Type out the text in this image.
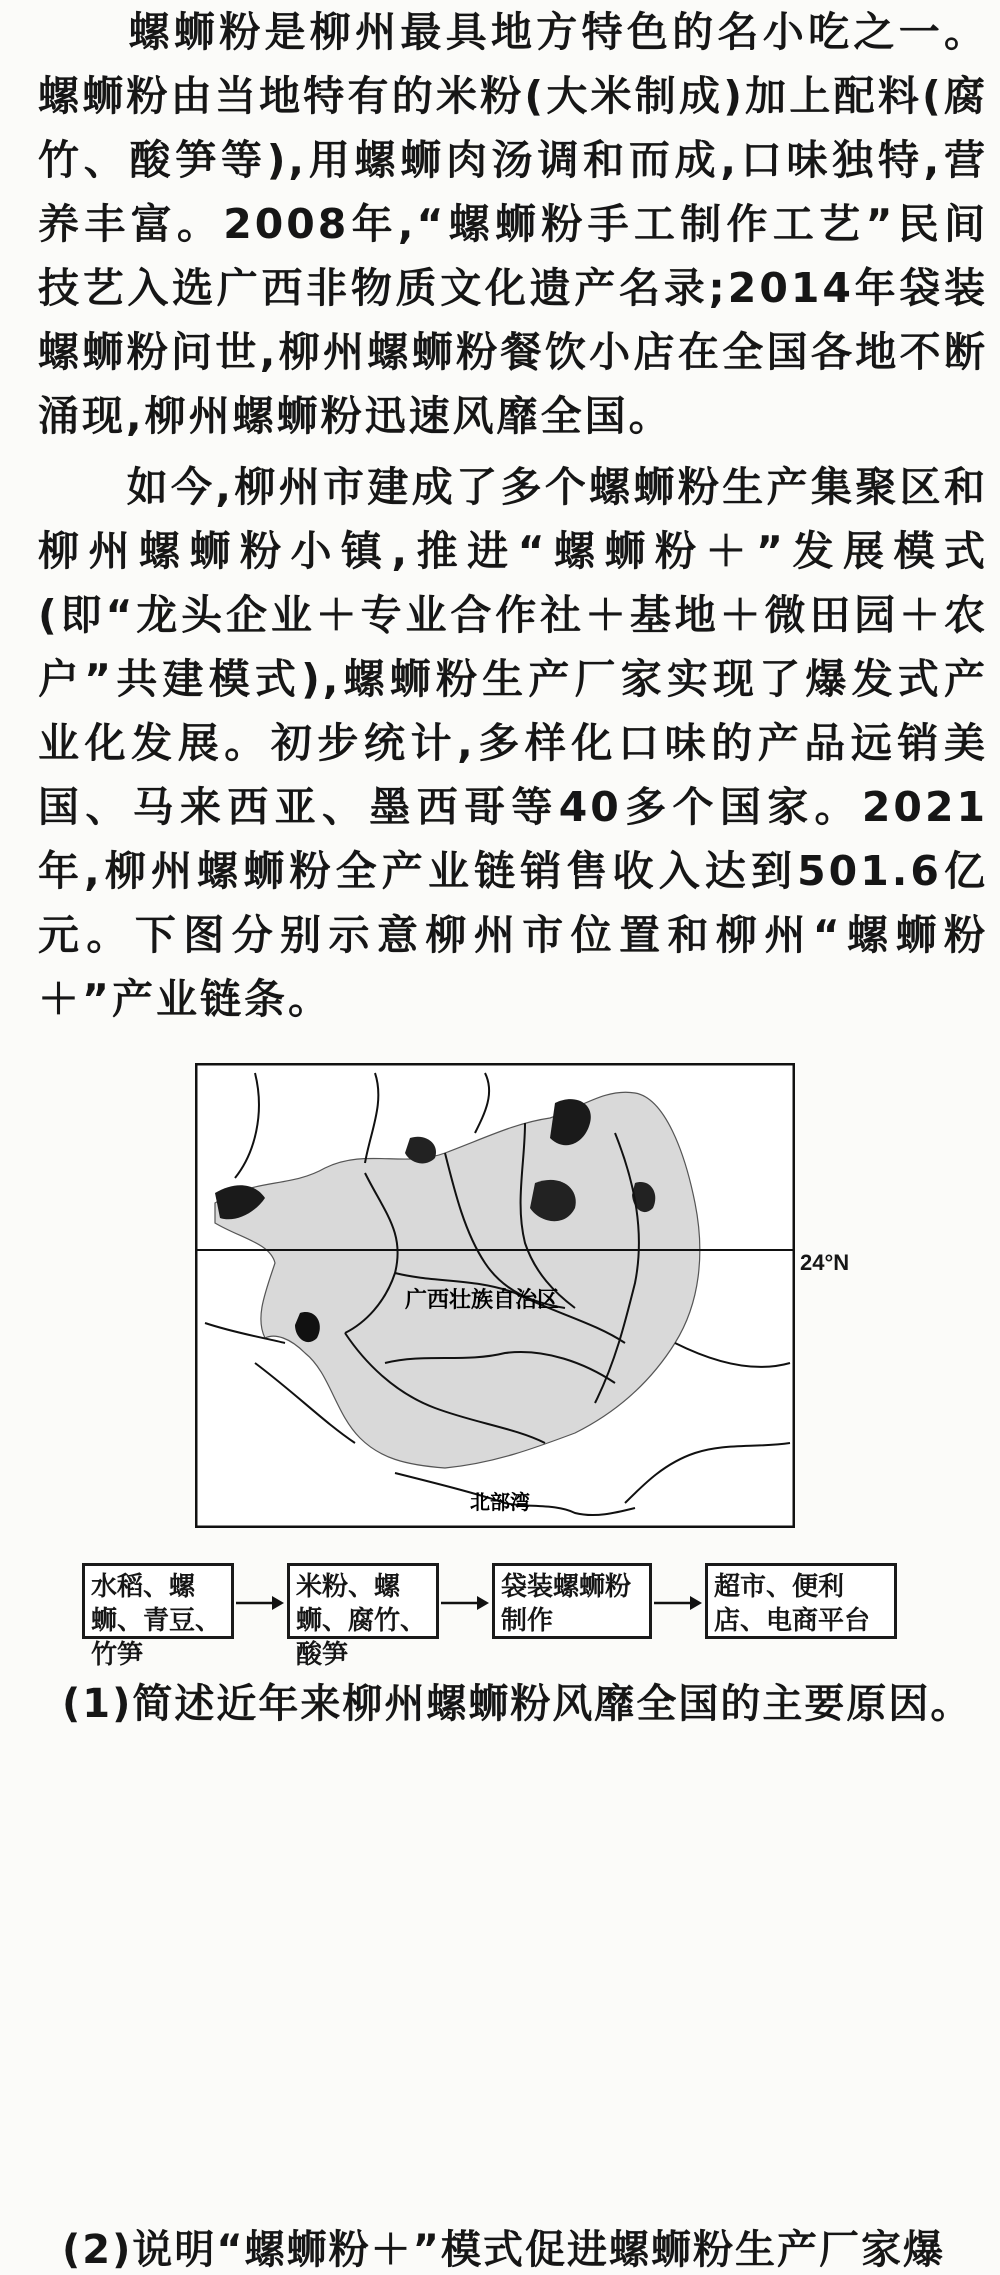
　　螺蛳粉是柳州最具地方特色的名小吃之一。螺蛳粉由当地特有的米粉(大米制成)加上配料(腐竹、酸笋等),用螺蛳肉汤调和而成,口味独特,营养丰富。2008年,“螺蛳粉手工制作工艺”民间技艺入选广西非物质文化遗产名录;2014年袋装螺蛳粉问世,柳州螺蛳粉餐饮小店在全国各地不断涌现,柳州螺蛳粉迅速风靡全国。

　　如今,柳州市建成了多个螺蛳粉生产集聚区和柳州螺蛳粉小镇,推进“螺蛳粉＋”发展模式(即“龙头企业＋专业合作社＋基地＋微田园＋农户”共建模式),螺蛳粉生产厂家实现了爆发式产业化发展。初步统计,多样化口味的产品远销美国、马来西亚、墨西哥等40多个国家。2021年,柳州螺蛳粉全产业链销售收入达到501.6亿元。下图分别示意柳州市位置和柳州“螺蛳粉＋”产业链条。

广西壮族自治区
北部湾
24°N
水稻、螺蛳、青豆、竹笋
米粉、螺蛳、腐竹、酸笋
袋装螺蛳粉制作
超市、便利店、电商平台

(1)简述近年来柳州螺蛳粉风靡全国的主要原因。

(2)说明“螺蛳粉＋”模式促进螺蛳粉生产厂家爆
